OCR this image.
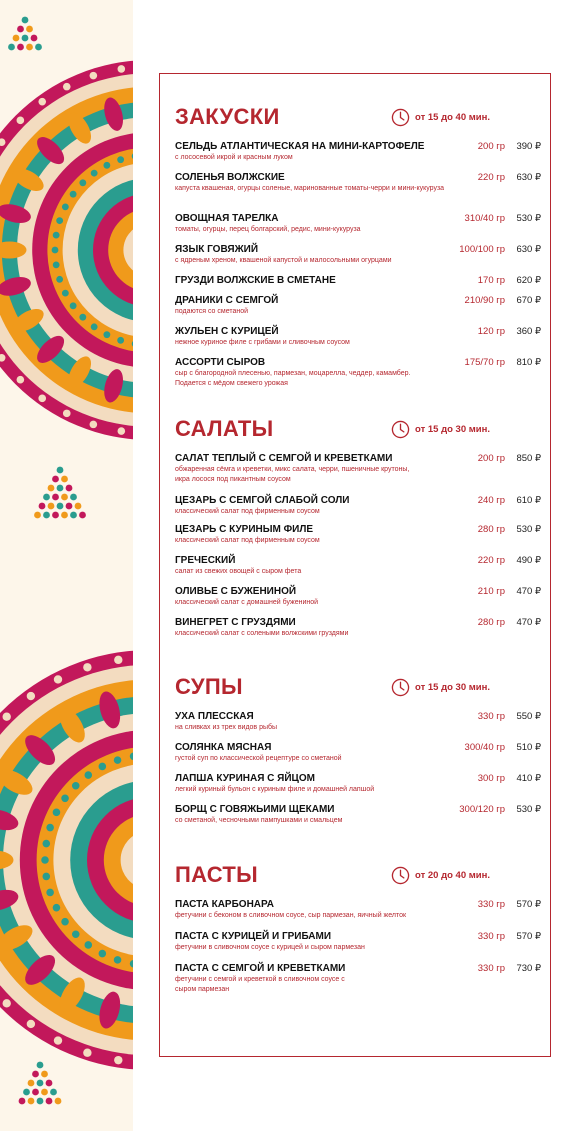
ЗАКУСКИ	от 15 до 40 мин.
СЕЛЬДЬ АТЛАНТИЧЕСКАЯ НА МИНИ-КАРТОФЕЛЕ
с лососевой икрой и красным луком
200 гр 390 ₽
СОЛЕНЬЯ ВОЛЖСКИЕ
капуста квашеная, огурцы соленые, маринованные томаты-черри и мини-кукуруза
220 гр 630 ₽
ОВОЩНАЯ ТАРЕЛКА
томаты, огурцы, перец болгарский, редис, мини-кукуруза
310/40 гр 530 ₽
ЯЗЫК ГОВЯЖИЙ
с ядреным хреном, квашеной капустой и малосольными огурцами
100/100 гр 630 ₽
ГРУЗДИ ВОЛЖСКИЕ В СМЕТАНЕ	170 гр 620 ₽
ДРАНИКИ С СЕМГОЙ
подаются со сметаной
210/90 гр 670 ₽
ЖУЛЬЕН С КУРИЦЕЙ
нежное куриное филе с грибами и сливочным соусом
120 гр 360 ₽
АССОРТИ СЫРОВ
сыр с благородной плесенью, пармезан, моцарелла, чеддер, камамбер. Подается с мёдом свежего урожая
175/70 гр 810 ₽
САЛАТЫ	от 15 до 30 мин.
САЛАТ ТЕПЛЫЙ С СЕМГОЙ И КРЕВЕТКАМИ
обжаренная сёмга и креветки, микс салата, черри, пшеничные крутоны, икра лосося под пикантным соусом
200 гр 850 ₽
ЦЕЗАРЬ С СЕМГОЙ СЛАБОЙ СОЛИ
классический салат под фирменным соусом
240 гр 610 ₽
ЦЕЗАРЬ С КУРИНЫМ ФИЛЕ
классический салат под фирменным соусом
280 гр 530 ₽
ГРЕЧЕСКИЙ
салат из свежих овощей с сыром фета
220 гр 490 ₽
ОЛИВЬЕ С БУЖЕНИНОЙ
классический салат с домашней бужениной
210 гр 470 ₽
ВИНЕГРЕТ С ГРУЗДЯМИ
классический салат с солеными волжскими груздями
280 гр 470 ₽
СУПЫ	от 15 до 30 мин.
УХА ПЛЕССКАЯ
на сливках из трех видов рыбы
330 гр 550 ₽
СОЛЯНКА МЯСНАЯ
густой суп по классической рецептуре со сметаной
300/40 гр 510 ₽
ЛАПША КУРИНАЯ С ЯЙЦОМ
легкий куриный бульон с куриным филе и домашней лапшой
300 гр 410 ₽
БОРЩ С ГОВЯЖЬИМИ ЩЕКАМИ
со сметаной, чесночными пампушками и смальцем
300/120 гр 530 ₽
ПАСТЫ	от 20 до 40 мин.
ПАСТА КАРБОНАРА
фетучини с беконом в сливочном соусе, сыр пармезан, яичный желток
330 гр 570 ₽
ПАСТА С КУРИЦЕЙ И ГРИБАМИ
фетучини в сливочном соусе с курицей и сыром пармезан
330 гр 570 ₽
ПАСТА С СЕМГОЙ И КРЕВЕТКАМИ
фетучини с семгой и креветкой в сливочном соусе с сыром пармезан
330 гр 730 ₽
